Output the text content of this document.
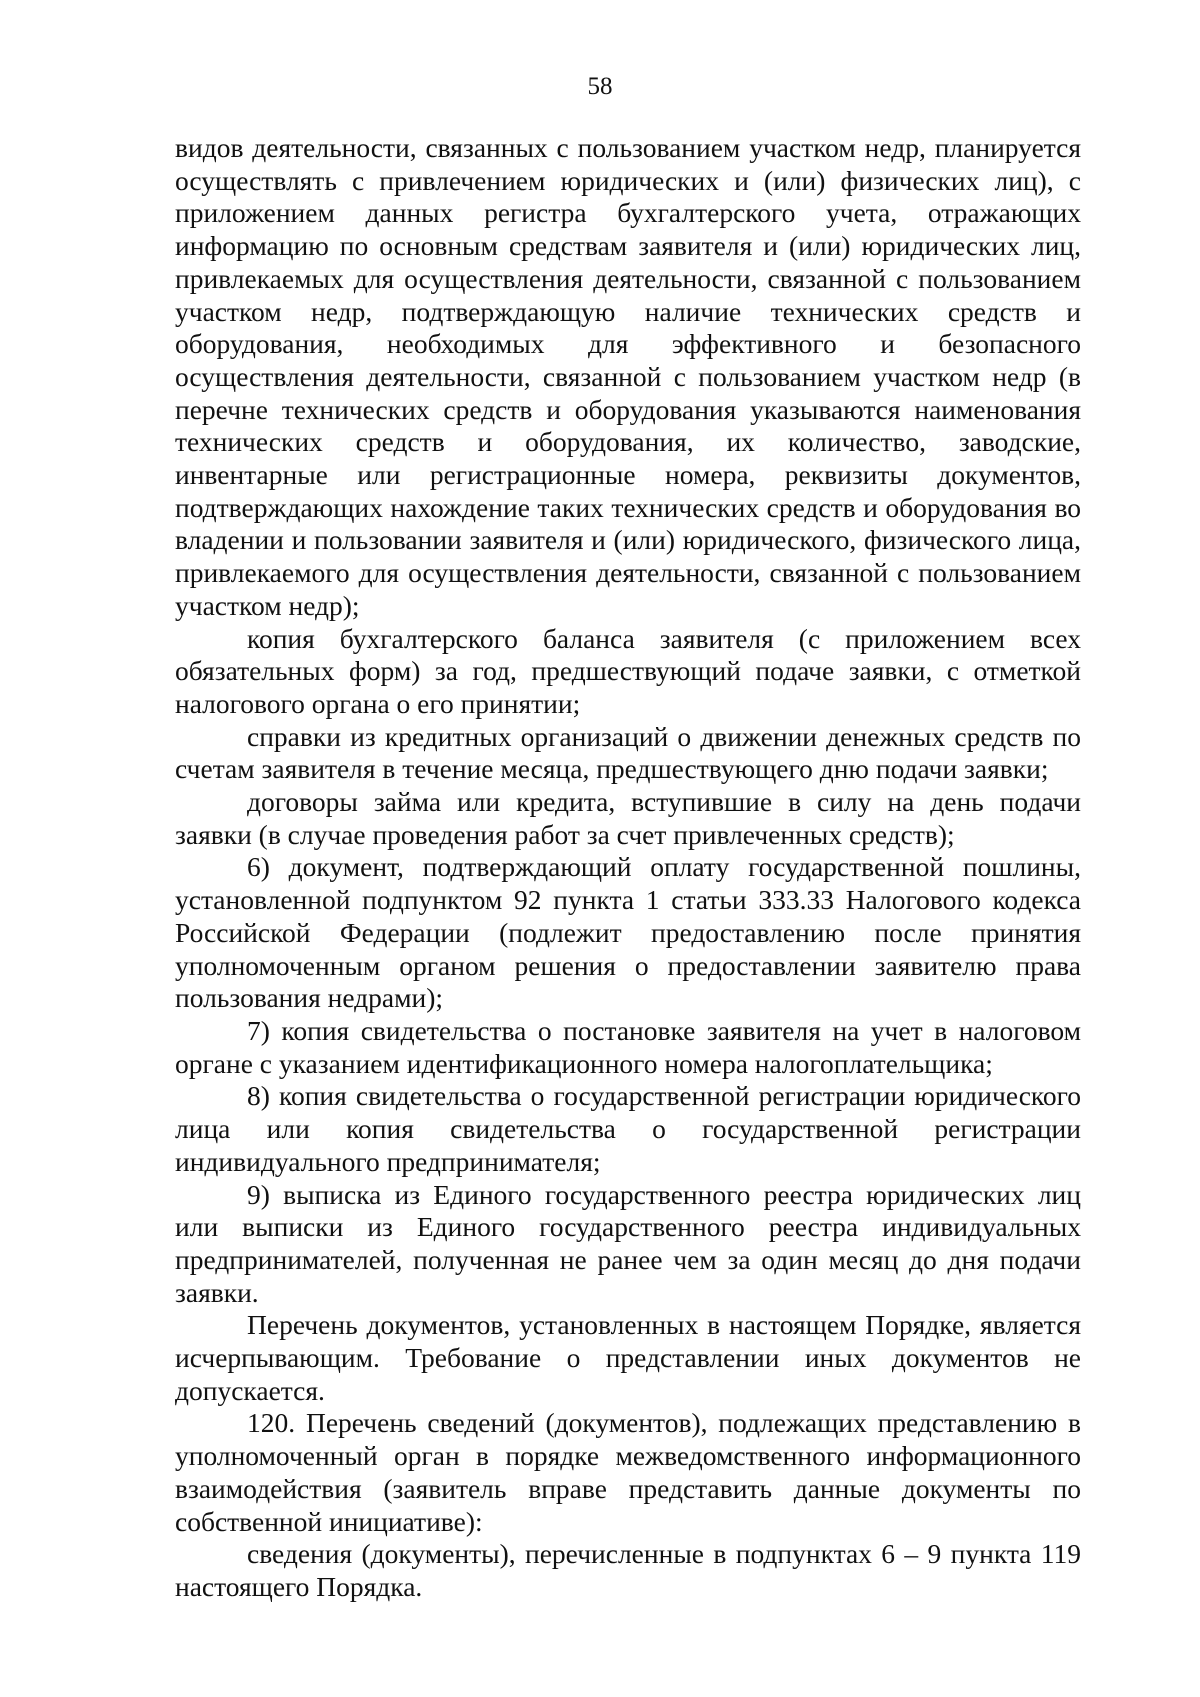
58

видов деятельности, связанных с пользованием участком недр, планируется осуществлять с привлечением юридических и (или) физических лиц), с приложением данных регистра бухгалтерского учета, отражающих информацию по основным средствам заявителя и (или) юридических лиц, привлекаемых для осуществления деятельности, связанной с пользованием участком недр, подтверждающую наличие технических средств и оборудования, необходимых для эффективного и безопасного осуществления деятельности, связанной с пользованием участком недр (в перечне технических средств и оборудования указываются наименования технических средств и оборудования, их количество, заводские, инвентарные или регистрационные номера, реквизиты документов, подтверждающих нахождение таких технических средств и оборудования во владении и пользовании заявителя и (или) юридического, физического лица, привлекаемого для осуществления деятельности, связанной с пользованием участком недр);

копия бухгалтерского баланса заявителя (с приложением всех обязательных форм) за год, предшествующий подаче заявки, с отметкой налогового органа о его принятии;

справки из кредитных организаций о движении денежных средств по счетам заявителя в течение месяца, предшествующего дню подачи заявки;

договоры займа или кредита, вступившие в силу на день подачи заявки (в случае проведения работ за счет привлеченных средств);

6) документ, подтверждающий оплату государственной пошлины, установленной подпунктом 92 пункта 1 статьи 333.33 Налогового кодекса Российской Федерации (подлежит предоставлению после принятия уполномоченным органом решения о предоставлении заявителю права пользования недрами);

7) копия свидетельства о постановке заявителя на учет в налоговом органе с указанием идентификационного номера налогоплательщика;

8) копия свидетельства о государственной регистрации юридического лица или копия свидетельства о государственной регистрации индивидуального предпринимателя;

9) выписка из Единого государственного реестра юридических лиц или выписки из Единого государственного реестра индивидуальных предпринимателей, полученная не ранее чем за один месяц до дня подачи заявки.

Перечень документов, установленных в настоящем Порядке, является исчерпывающим. Требование о представлении иных документов не допускается.

120. Перечень сведений (документов), подлежащих представлению в уполномоченный орган в порядке межведомственного информационного взаимодействия (заявитель вправе представить данные документы по собственной инициативе):

сведения (документы), перечисленные в подпунктах 6 – 9 пункта 119 настоящего Порядка.
